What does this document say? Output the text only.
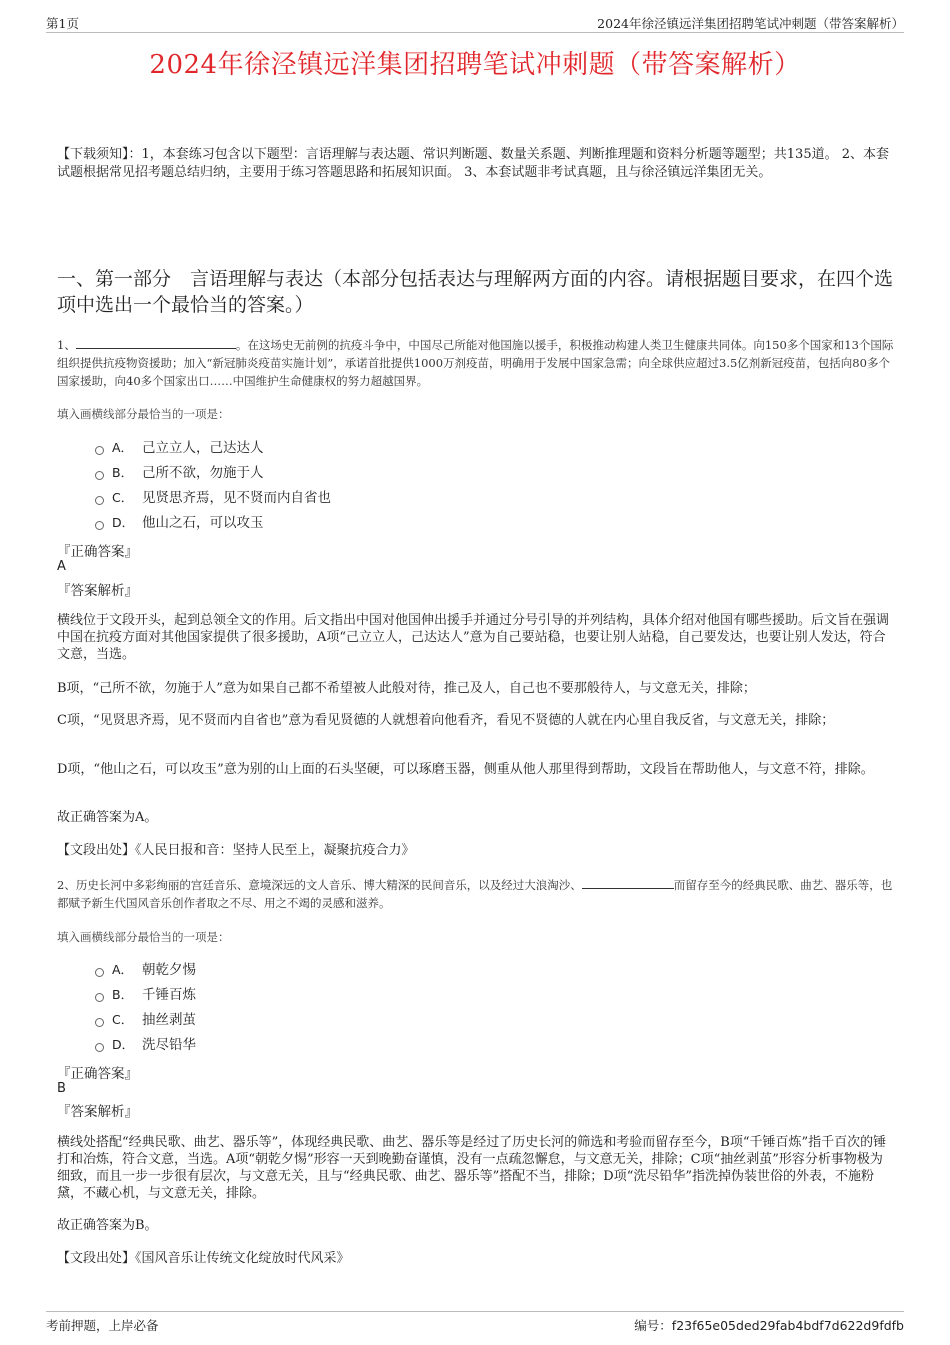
第1页	2024年徐泾镇远洋集团招聘笔试冲刺题（带答案解析）
2024年徐泾镇远洋集团招聘笔试冲刺题（带答案解析）
【下载须知】：1，本套练习包含以下题型：言语理解与表达题、常识判断题、数量关系题、判断推理题和资料分析题等题型；共135道。 2、本套试题根据常见招考题总结归纳，主要用于练习答题思路和拓展知识面。 3、本套试题非考试真题，且与徐泾镇远洋集团无关。
一、第一部分　言语理解与表达（本部分包括表达与理解两方面的内容。请根据题目要求，在四个选项中选出一个最恰当的答案。）
1、	。在这场史无前例的抗疫斗争中，中国尽己所能对他国施以援手，积极推动构建人类卫生健康共同体。向150多个国家和13个国际组织提供抗疫物资援助；加入“新冠肺炎疫苗实施计划”，承诺首批提供1000万剂疫苗，明确用于发展中国家急需；向全球供应超过3.5亿剂新冠疫苗，包括向80多个国家援助，向40多个国家出口……中国维护生命健康权的努力超越国界。
填入画横线部分最恰当的一项是：
A． 己立立人，己达达人
B． 己所不欲，勿施于人
C． 见贤思齐焉，见不贤而内自省也
D． 他山之石，可以攻玉
『正确答案』
A
『答案解析』
横线位于文段开头，起到总领全文的作用。后文指出中国对他国伸出援手并通过分号引导的并列结构，具体介绍对他国有哪些援助。后文旨在强调中国在抗疫方面对其他国家提供了很多援助，A项“己立立人，己达达人”意为自己要站稳，也要让别人站稳，自己要发达，也要让别人发达，符合文意，当选。
B项，“己所不欲，勿施于人”意为如果自己都不希望被人此般对待，推己及人，自己也不要那般待人，与文意无关，排除；
C项，“见贤思齐焉，见不贤而内自省也”意为看见贤德的人就想着向他看齐，看见不贤德的人就在内心里自我反省，与文意无关，排除；
D项，“他山之石，可以攻玉”意为别的山上面的石头坚硬，可以琢磨玉器，侧重从他人那里得到帮助，文段旨在帮助他人，与文意不符，排除。
故正确答案为A。
【文段出处】《人民日报和音：坚持人民至上，凝聚抗疫合力》
2、历史长河中多彩绚丽的宫廷音乐、意境深远的文人音乐、博大精深的民间音乐，以及经过大浪淘沙、	而留存至今的经典民歌、曲艺、器乐等，也都赋予新生代国风音乐创作者取之不尽、用之不竭的灵感和滋养。
填入画横线部分最恰当的一项是：
A． 朝乾夕惕
B． 千锤百炼
C． 抽丝剥茧
D． 洗尽铅华
『正确答案』
B
『答案解析』
横线处搭配“经典民歌、曲艺、器乐等”，体现经典民歌、曲艺、器乐等是经过了历史长河的筛选和考验而留存至今，B项“千锤百炼”指千百次的锤打和冶炼，符合文意，当选。A项“朝乾夕惕”形容一天到晚勤奋谨慎，没有一点疏忽懈怠，与文意无关，排除；C项“抽丝剥茧”形容分析事物极为细致，而且一步一步很有层次，与文意无关，且与“经典民歌、曲艺、器乐等”搭配不当，排除；D项“洗尽铅华”指洗掉伪装世俗的外表，不施粉黛，不藏心机，与文意无关，排除。
故正确答案为B。
【文段出处】《国风音乐让传统文化绽放时代风采》
考前押题，上岸必备	编号：f23f65e05ded29fab4bdf7d622d9fdfb
